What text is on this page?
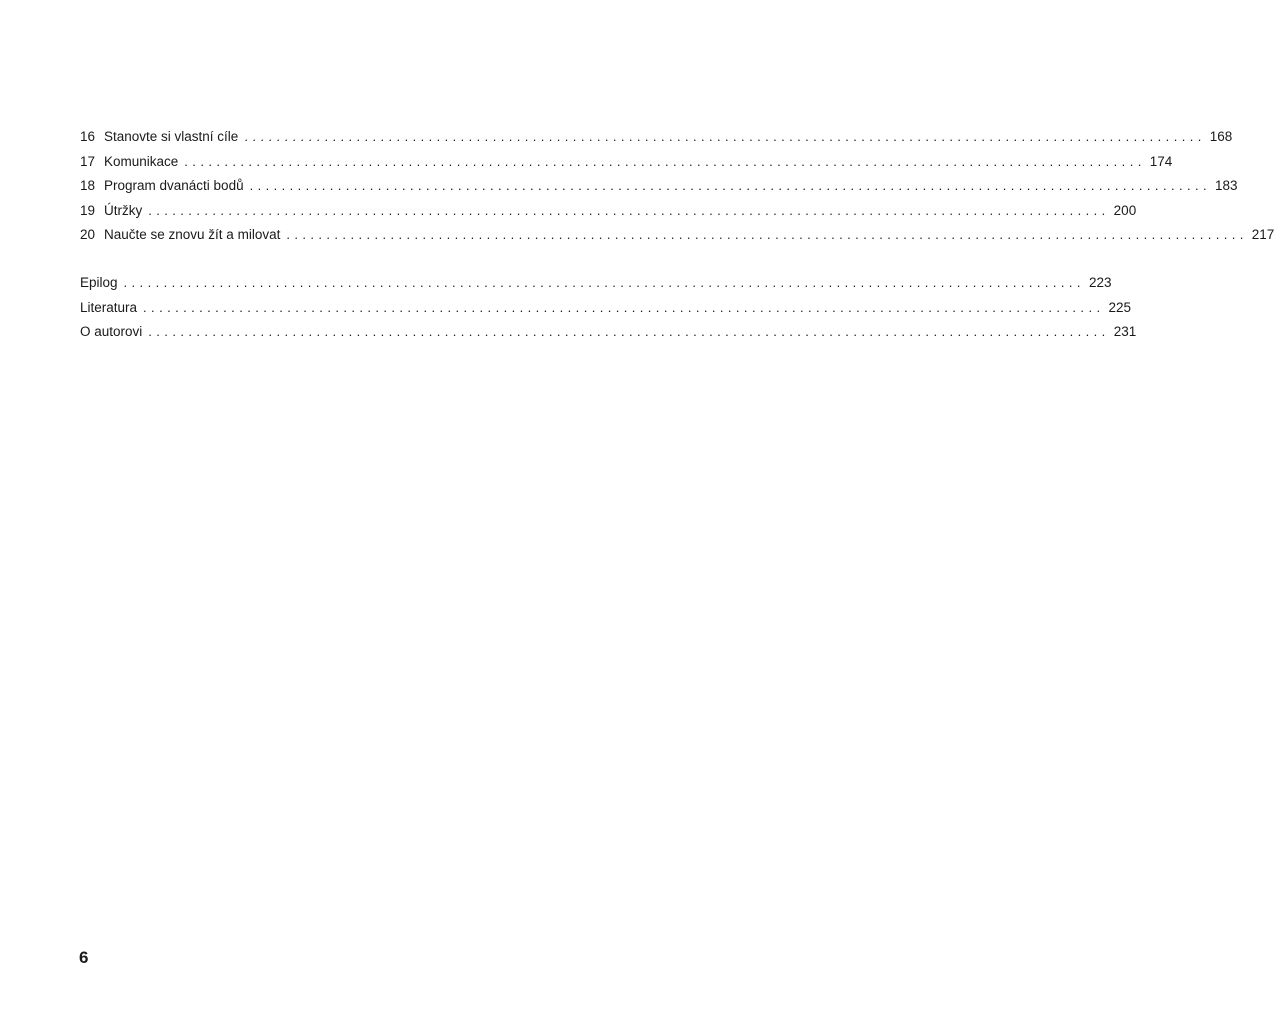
16 Stanovte si vlastní cíle ........................................................................................................................ 168
17 Komunikace ........................................................................................................................ 174
18 Program dvanácti bodů ........................................................................................................................ 183
19 Útržky ........................................................................................................................ 200
20 Naučte se znovu žít a milovat ........................................................................................................................ 217
Epilog ........................................................................................................................ 223
Literatura ........................................................................................................................ 225
O autorovi ........................................................................................................................ 231
6
